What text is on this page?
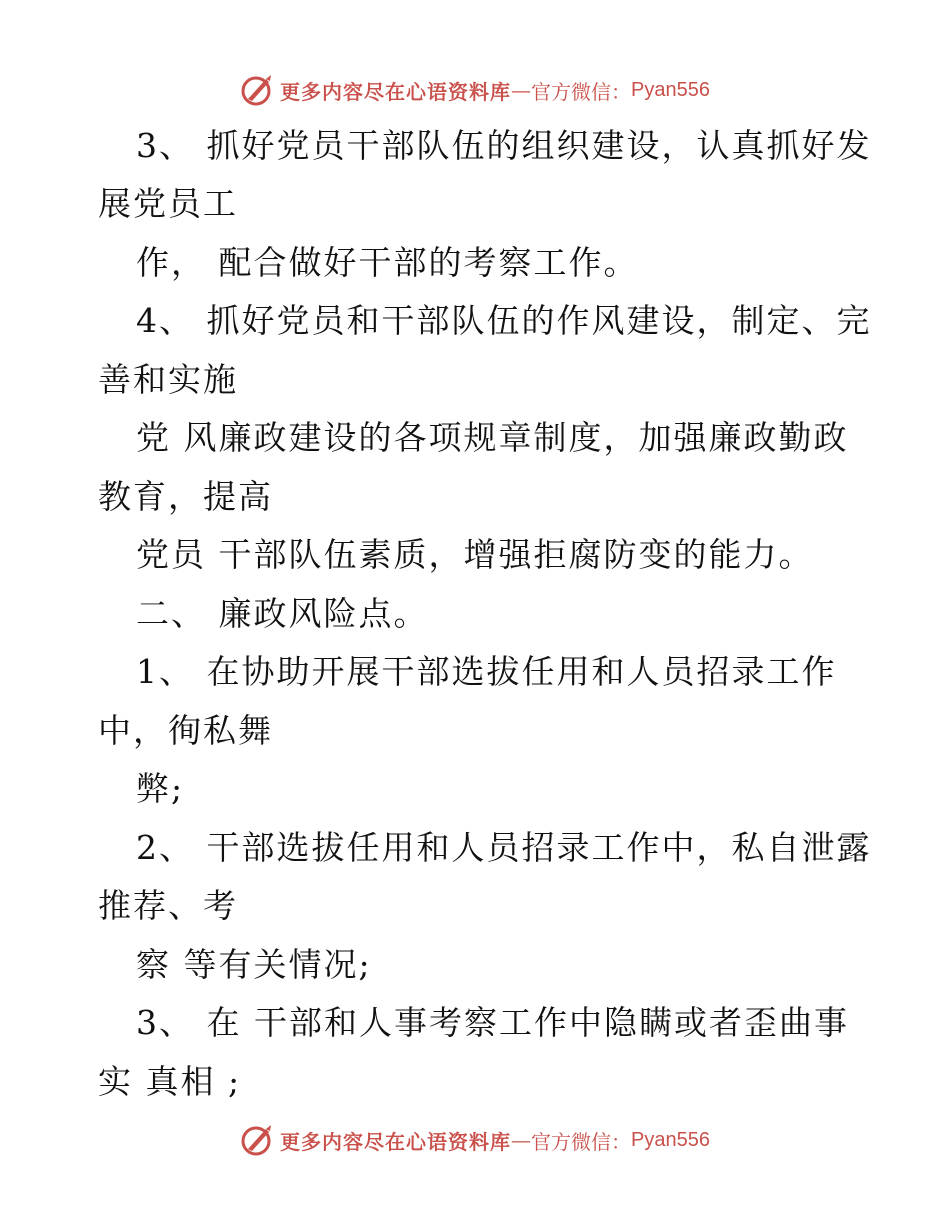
更多内容尽在心语资料库 — 官方微信： Pyan556
3、 抓好党员干部队伍的组织建设，认真抓好发
展党员工
作， 配合做好干部的考察工作。
4、 抓好党员和干部队伍的作风建设，制定、完
善和实施
党 风廉政建设的各项规章制度，加强廉政勤政
教育，提高
党员 干部队伍素质，增强拒腐防变的能力。
二、 廉政风险点。
1、 在协助开展干部选拔任用和人员招录工作
中，徇私舞
弊;
2、 干部选拔任用和人员招录工作中，私自泄露
推荐、考
察 等有关情况;
3、 在 干部和人事考察工作中隐瞒或者歪曲事
实 真相 ;
更多内容尽在心语资料库 — 官方微信： Pyan556
